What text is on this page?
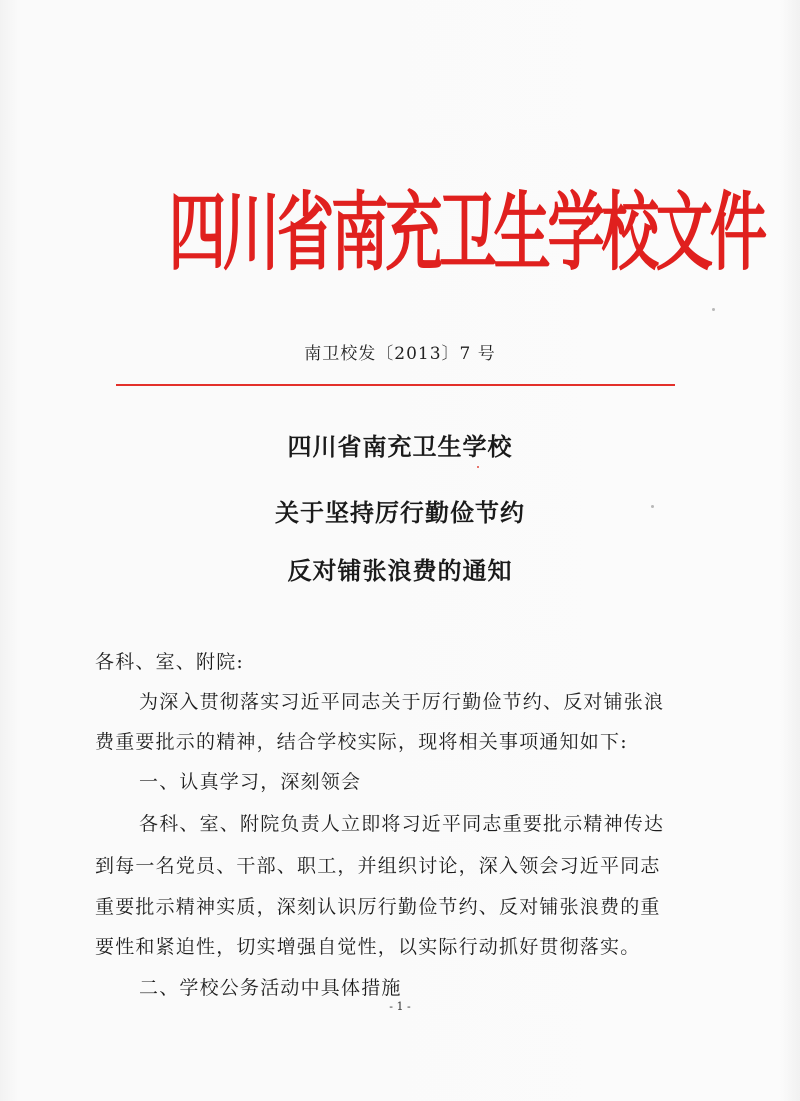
四川省南充卫生学校文件
南卫校发〔2013〕7 号
四川省南充卫生学校
关于坚持厉行勤俭节约
反对铺张浪费的通知
各科、室、附院:
为深入贯彻落实习近平同志关于厉行勤俭节约、反对铺张浪
费重要批示的精神，结合学校实际，现将相关事项通知如下:
一、认真学习，深刻领会
各科、室、附院负责人立即将习近平同志重要批示精神传达
到每一名党员、干部、职工，并组织讨论，深入领会习近平同志
重要批示精神实质，深刻认识厉行勤俭节约、反对铺张浪费的重
要性和紧迫性，切实增强自觉性，以实际行动抓好贯彻落实。
二、学校公务活动中具体措施
- 1 -
